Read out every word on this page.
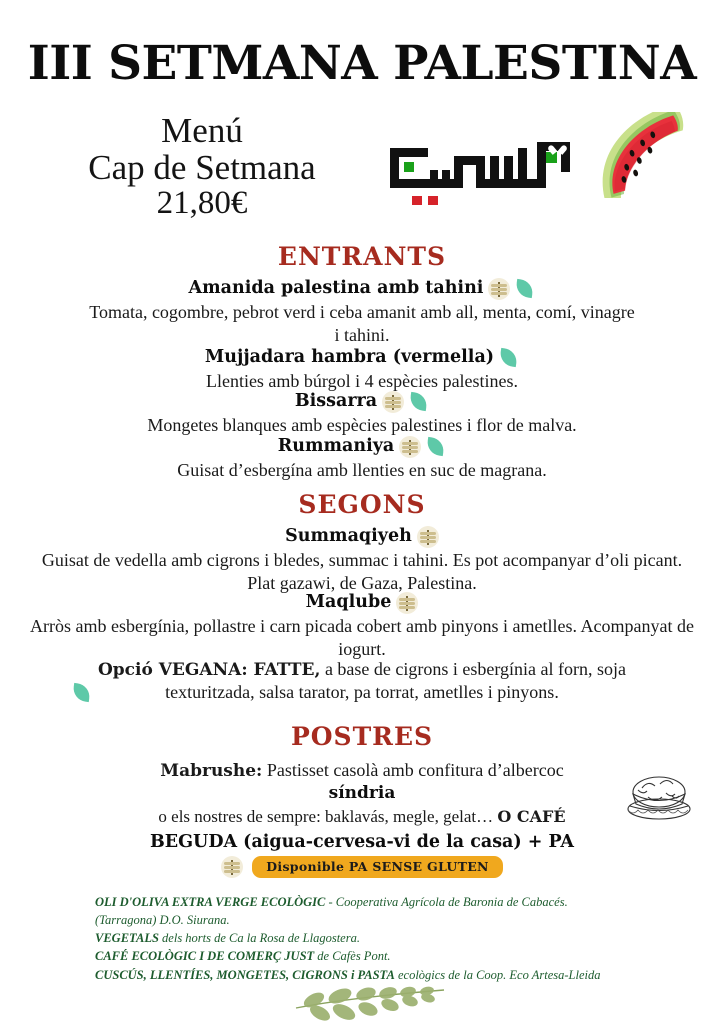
III SETMANA PALESTINA
Menú
Cap de Setmana
21,80€
ENTRANTS
Amanida palestina amb tahini
Tomata, cogombre, pebrot verd i ceba amanit amb all, menta, comí, vinagre i tahini.
Mujjadara hambra (vermella)
Llenties amb búrgol i 4 espècies palestines.
Bissarra
Mongetes blanques amb espècies palestines i flor de malva.
Rummaniya
Guisat d’esbergína amb llenties en suc de magrana.
SEGONS
Summaqiyeh
Guisat de vedella amb cigrons i bledes, summac i tahini. Es pot acompanyar d’oli picant. Plat gazawi, de Gaza, Palestina.
Maqlube
Arròs amb esbergínia, pollastre i carn picada cobert amb pinyons i ametlles. Acompanyat de iogurt.
Opció VEGANA: FATTE, a base de cigrons i esbergínia al forn, soja texturitzada, salsa tarator, pa torrat, ametlles i pinyons.
POSTRES
Mabrushe: Pastisset casolà amb confitura d’albercoc
síndria
o els nostres de sempre: baklavás, megle, gelat… O CAFÉ
BEGUDA (aigua-cervesa-vi de la casa) + PA
Disponible PA SENSE GLUTEN
OLI D'OLIVA EXTRA VERGE ECOLÒGIC - Cooperativa Agrícola de Baronia de Cabacés.
(Tarragona) D.O. Siurana.
VEGETALS dels horts de Ca la Rosa de Llagostera.
CAFÉ ECOLÒGIC I DE COMERÇ JUST de Cafès Pont.
CUSCÚS, LLENTÍES, MONGETES, CIGRONS i PASTA ecològics de la Coop. Eco Artesa-Lleida
